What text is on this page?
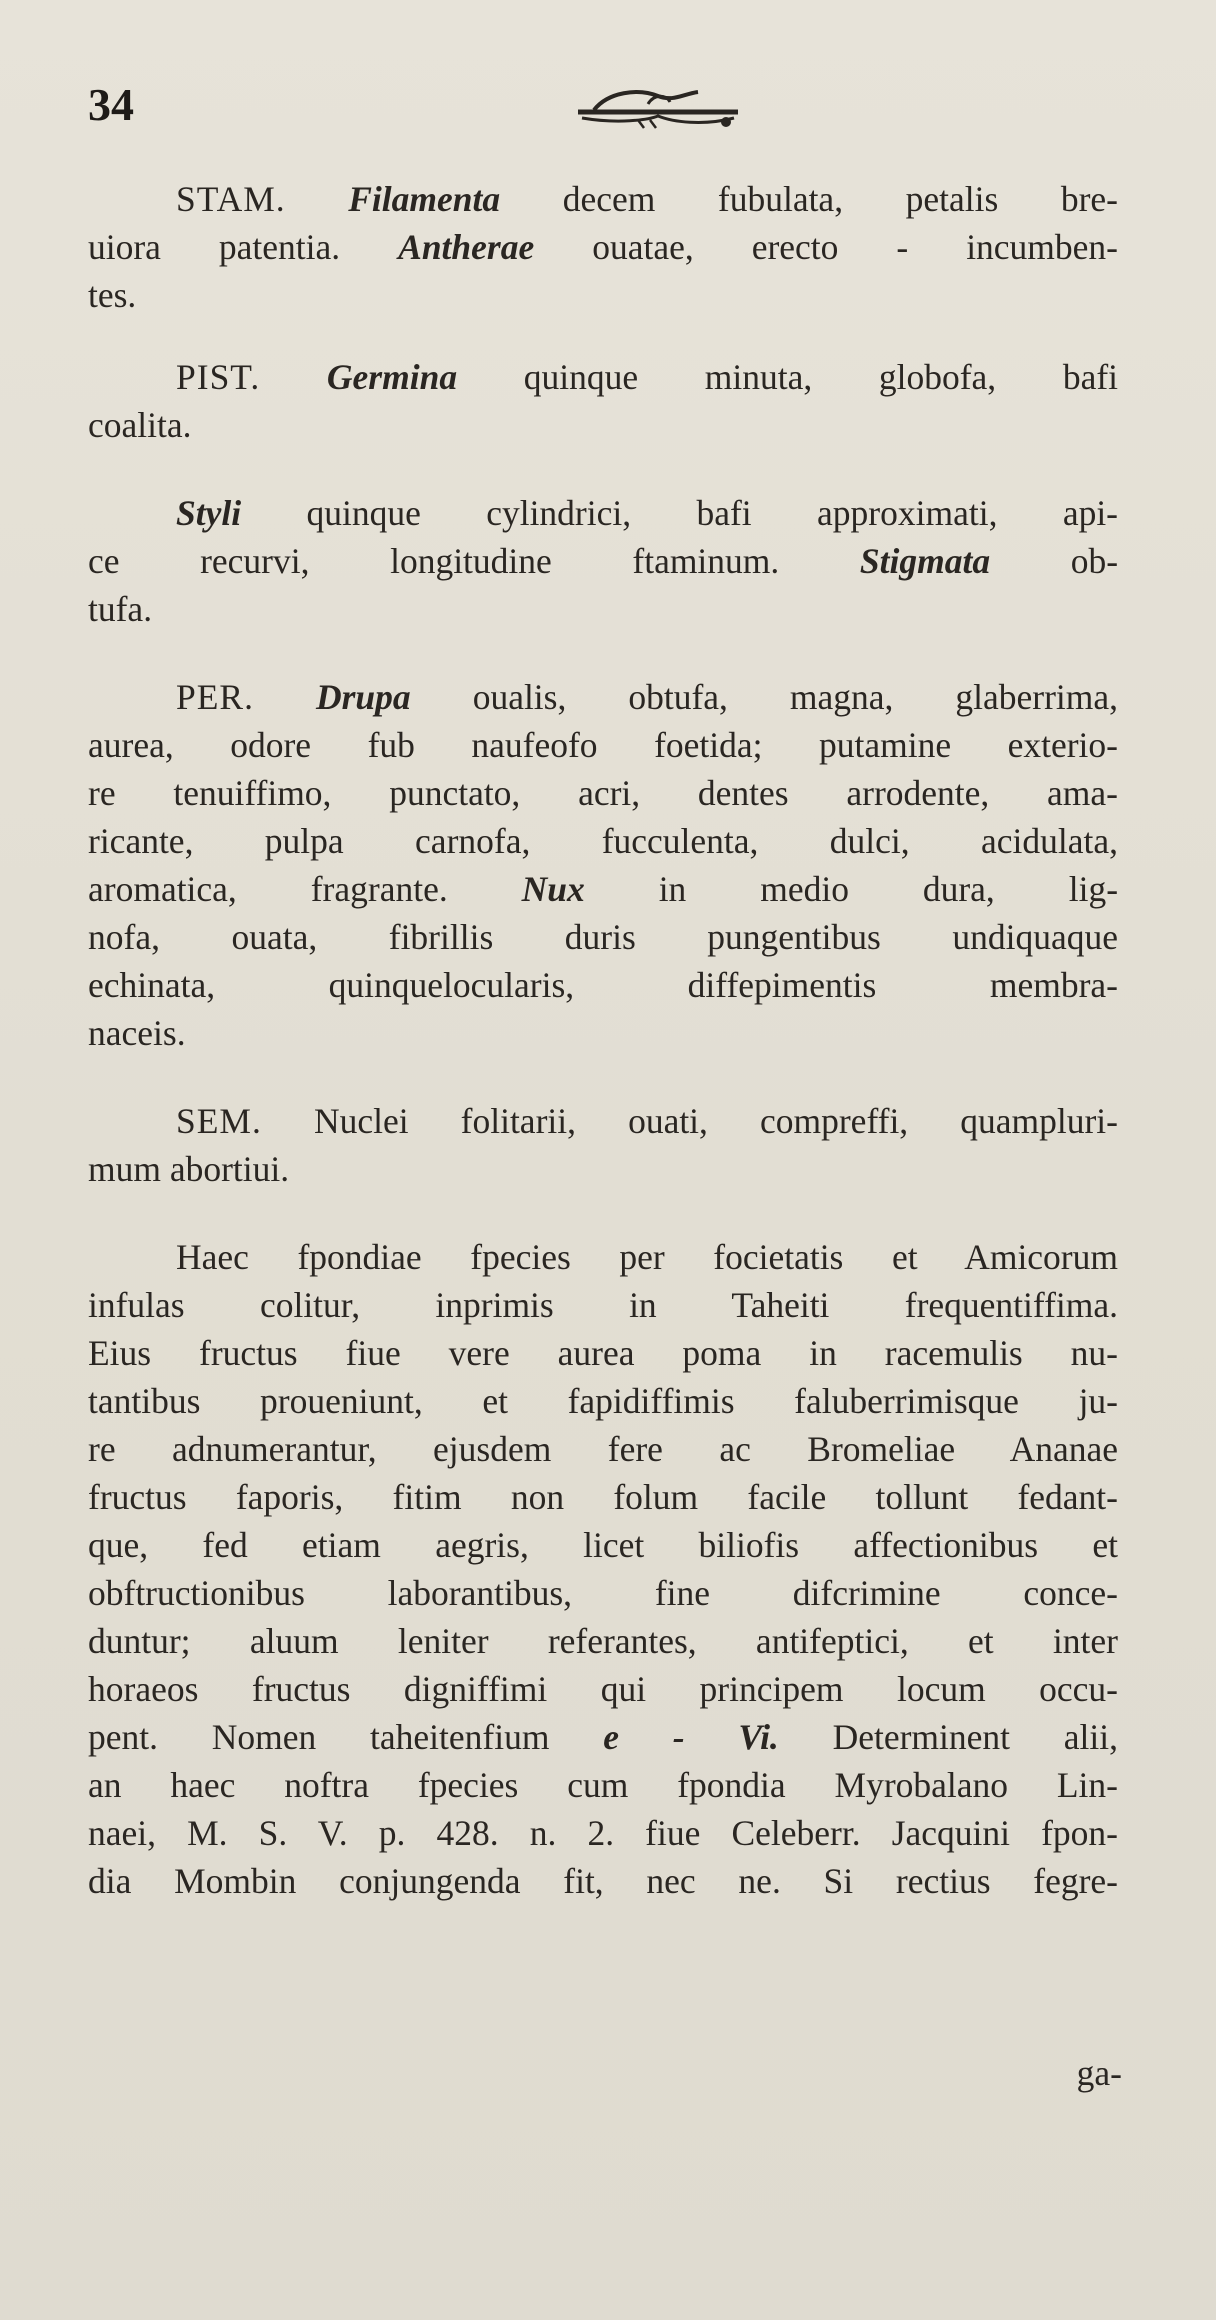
34
STAM. Filamenta decem fubulata, petalis bre-
uiora patentia. Antherae ouatae, erecto - incumben-
tes.
PIST. Germina quinque minuta, globofa, bafi
coalita.
Styli quinque cylindrici, bafi approximati, api-
ce recurvi, longitudine ftaminum. Stigmata ob-
tufa.
PER. Drupa oualis, obtufa, magna, glaberrima,
aurea, odore fub naufeofo foetida; putamine exterio-
re tenuiffimo, punctato, acri, dentes arrodente, ama-
ricante, pulpa carnofa, fucculenta, dulci, acidulata,
aromatica, fragrante. Nux in medio dura, lig-
nofa, ouata, fibrillis duris pungentibus undiquaque
echinata, quinquelocularis, diffepimentis membra-
naceis.
SEM. Nuclei folitarii, ouati, compreffi, quampluri-
mum abortiui.
Haec fpondiae fpecies per focietatis et Amicorum
infulas colitur, inprimis in Taheiti frequentiffima.
Eius fructus fiue vere aurea poma in racemulis nu-
tantibus proueniunt, et fapidiffimis faluberrimisque ju-
re adnumerantur, ejusdem fere ac Bromeliae Ananae
fructus faporis, fitim non folum facile tollunt fedant-
que, fed etiam aegris, licet biliofis affectionibus et
obftructionibus laborantibus, fine difcrimine conce-
duntur; aluum leniter referantes, antifeptici, et inter
horaeos fructus digniffimi qui principem locum occu-
pent. Nomen taheitenfium e - Vi. Determinent alii,
an haec noftra fpecies cum fpondia Myrobalano Lin-
naei, M. S. V. p. 428. n. 2. fiue Celeberr. Jacquini fpon-
dia Mombin conjungenda fit, nec ne. Si rectius fegre-
ga-
